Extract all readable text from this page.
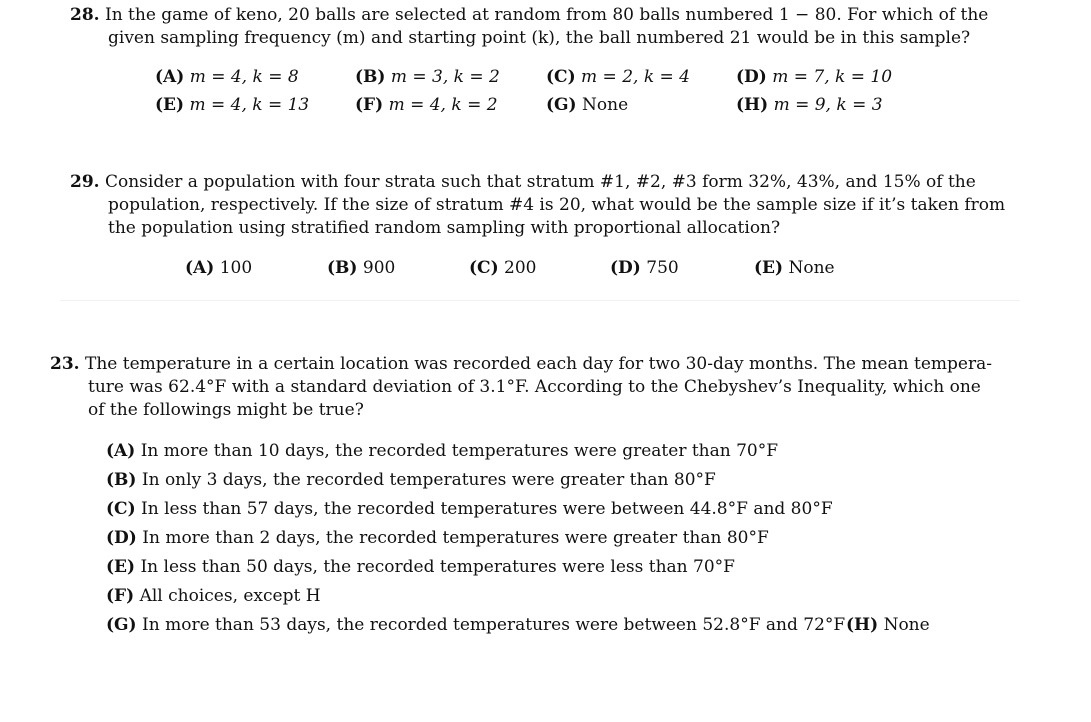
28. In the game of keno, 20 balls are selected at random from 80 balls numbered 1 − 80. For which of the
given sampling frequency (m) and starting point (k), the ball numbered 21 would be in this sample?
(A) m = 4, k = 8	(B) m = 3, k = 2	(C) m = 2, k = 4	(D) m = 7, k = 10
(E) m = 4, k = 13	(F) m = 4, k = 2	(G) None	(H) m = 9, k = 3
29. Consider a population with four strata such that stratum #1, #2, #3 form 32%, 43%, and 15% of the
population, respectively. If the size of stratum #4 is 20, what would be the sample size if it’s taken from
the population using stratified random sampling with proportional allocation?
(A) 100	(B) 900	(C) 200	(D) 750	(E) None
23. The temperature in a certain location was recorded each day for two 30-day months. The mean tempera-
ture was 62.4°F with a standard deviation of 3.1°F. According to the Chebyshev’s Inequality, which one
of the followings might be true?
(A) In more than 10 days, the recorded temperatures were greater than 70°F
(B) In only 3 days, the recorded temperatures were greater than 80°F
(C) In less than 57 days, the recorded temperatures were between 44.8°F and 80°F
(D) In more than 2 days, the recorded temperatures were greater than 80°F
(E) In less than 50 days, the recorded temperatures were less than 70°F
(F) All choices, except H
(G) In more than 53 days, the recorded temperatures were between 52.8°F and 72°F (H) None
